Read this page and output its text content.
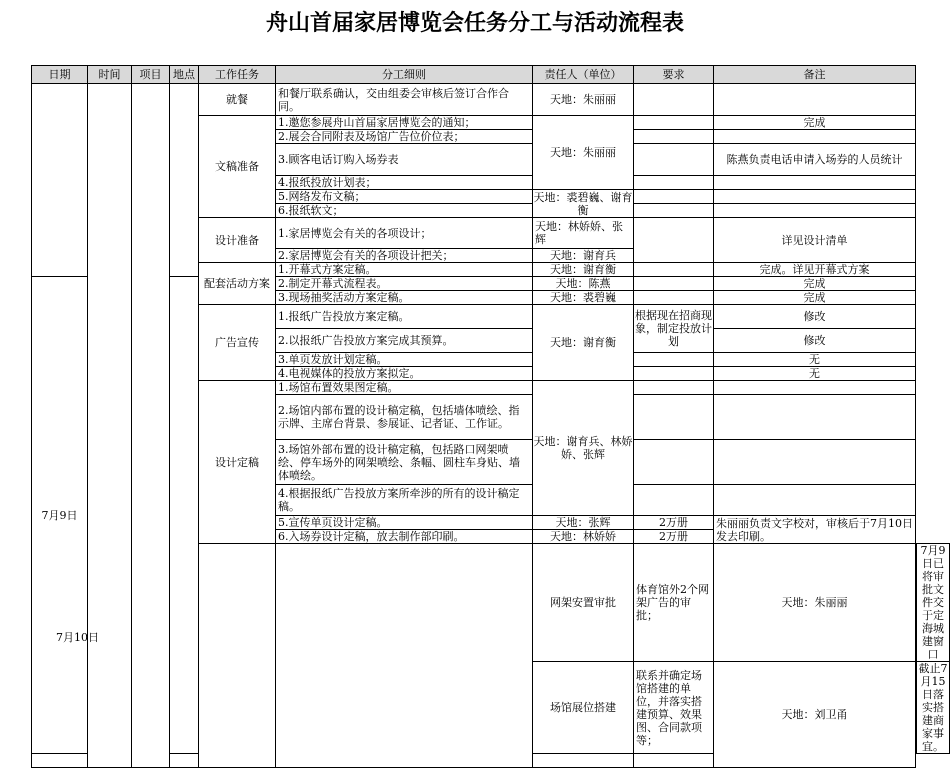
舟山首届家居博览会任务分工与活动流程表
日期	时间	项目	地点	工作任务	分工细则	责任人（单位）	要求	备注	
				就餐	和餐厅联系确认，交由组委会审核后签订合作合同。	天地：朱丽丽			
				文稿准备	1.邀您参展舟山首届家居博览会的通知；	天地：朱丽丽		完成	
					2.展会合同附表及场馆广告位价位表；				
					3.顾客电话订购入场券表			陈燕负责电话申请入场券的人员统计	
					4.报纸投放计划表；				
					5.网络发布文稿；	天地：裘碧巍、谢育衡			
					6.报纸软文；				
				设计准备	1.家居博览会有关的各项设计；	天地：林娇娇、张辉		详见设计清单	
					2.家居博览会有关的各项设计把关；	天地：谢育兵			
				配套活动方案	1.开幕式方案定稿。	天地：谢育衡		完成。详见开幕式方案	
7月9日					2.制定开幕式流程表。	天地：陈燕		完成	
					3.现场抽奖活动方案定稿。	天地：裘碧巍		完成	
				广告宣传	1.报纸广告投放方案定稿。	天地：谢育衡	根据现在招商现象，制定投放计划	修改	
					2.以报纸广告投放方案完成其预算。			修改	
					3.单页发放计划定稿。			无	
					4.电视媒体的投放方案拟定。			无	
				设计定稿	1.场馆布置效果图定稿。	天地：谢育兵、林娇娇、张辉			
					2.场馆内部布置的设计稿定稿，包括墙体喷绘、指示牌、主席台背景、参展证、记者证、工作证。				
					3.场馆外部布置的设计稿定稿，包括路口网架喷绘、停车场外的网架喷绘、条幅、圆柱车身贴、墙体喷绘。				
					4.根据报纸广告投放方案所牵涉的所有的设计稿定稿。				
					5.宣传单页设计定稿。	天地：张辉	2万册	朱丽丽负责文字校对，审核后于7月10日发去印刷。	
					6.入场券设计定稿，放去制作部印刷。	天地：林娇娇	2万册		
						网架安置审批	体育馆外2个网架广告的审批；	天地：朱丽丽		7月9日已将审批文件交于定海城建窗口
						场馆展位搭建	联系并确定场馆搭建的单位，并落实搭建预算、效果图、合同款项等；	天地：刘卫甬		截止7月15日落实搭建商家事宜。

7月10日
